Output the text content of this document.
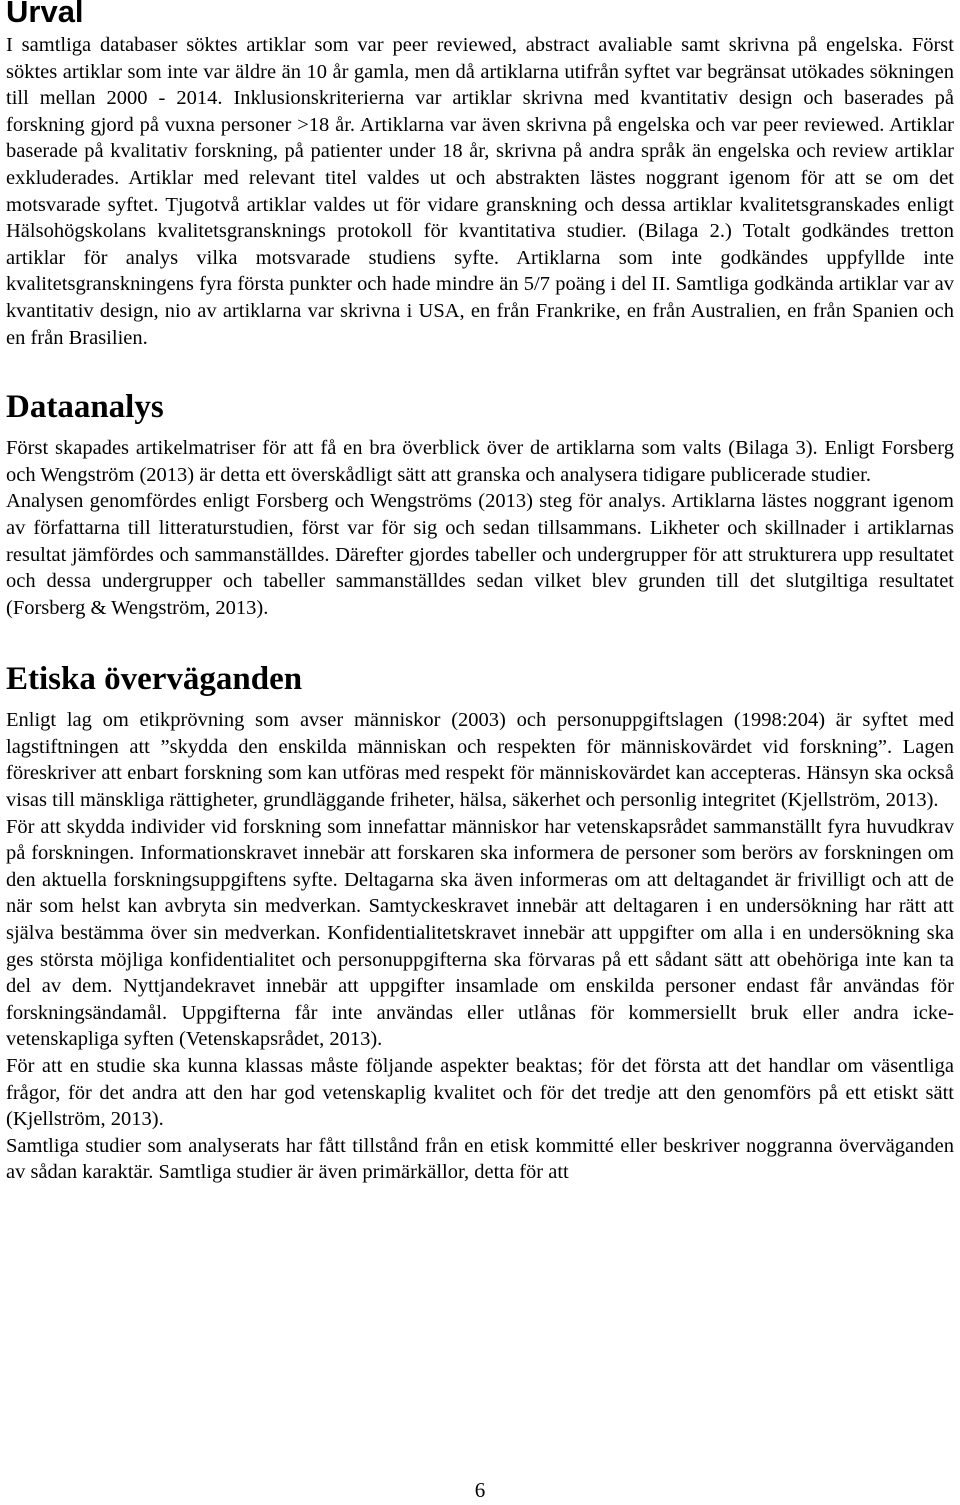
Urval

I samtliga databaser söktes artiklar som var peer reviewed, abstract avaliable samt skrivna på engelska. Först söktes artiklar som inte var äldre än 10 år gamla, men då artiklarna utifrån syftet var begränsat utökades sökningen till mellan 2000 - 2014. Inklusionskriterierna var artiklar skrivna med kvantitativ design och baserades på forskning gjord på vuxna personer >18 år. Artiklarna var även skrivna på engelska och var peer reviewed. Artiklar baserade på kvalitativ forskning, på patienter under 18 år, skrivna på andra språk än engelska och review artiklar exkluderades. Artiklar med relevant titel valdes ut och abstrakten lästes noggrant igenom för att se om det motsvarade syftet. Tjugotvå artiklar valdes ut för vidare granskning och dessa artiklar kvalitetsgranskades enligt Hälsohögskolans kvalitetsgransknings protokoll för kvantitativa studier. (Bilaga 2.) Totalt godkändes tretton artiklar för analys vilka motsvarade studiens syfte. Artiklarna som inte godkändes uppfyllde inte kvalitetsgranskningens fyra första punkter och hade mindre än 5/7 poäng i del II. Samtliga godkända artiklar var av kvantitativ design, nio av artiklarna var skrivna i USA, en från Frankrike, en från Australien, en från Spanien och en från Brasilien.

Dataanalys

Först skapades artikelmatriser för att få en bra överblick över de artiklarna som valts (Bilaga 3). Enligt Forsberg och Wengström (2013) är detta ett överskådligt sätt att granska och analysera tidigare publicerade studier.

Analysen genomfördes enligt Forsberg och Wengströms (2013) steg för analys. Artiklarna lästes noggrant igenom av författarna till litteraturstudien, först var för sig och sedan tillsammans. Likheter och skillnader i artiklarnas resultat jämfördes och sammanställdes. Därefter gjordes tabeller och undergrupper för att strukturera upp resultatet och dessa undergrupper och tabeller sammanställdes sedan vilket blev grunden till det slutgiltiga resultatet (Forsberg & Wengström, 2013).

Etiska överväganden

Enligt lag om etikprövning som avser människor (2003) och personuppgiftslagen (1998:204) är syftet med lagstiftningen att ”skydda den enskilda människan och respekten för människovärdet vid forskning”. Lagen föreskriver att enbart forskning som kan utföras med respekt för människovärdet kan accepteras. Hänsyn ska också visas till mänskliga rättigheter, grundläggande friheter, hälsa, säkerhet och personlig integritet (Kjellström, 2013).

För att skydda individer vid forskning som innefattar människor har vetenskapsrådet sammanställt fyra huvudkrav på forskningen. Informationskravet innebär att forskaren ska informera de personer som berörs av forskningen om den aktuella forskningsuppgiftens syfte. Deltagarna ska även informeras om att deltagandet är frivilligt och att de när som helst kan avbryta sin medverkan. Samtyckeskravet innebär att deltagaren i en undersökning har rätt att själva bestämma över sin medverkan. Konfidentialitetskravet innebär att uppgifter om alla i en undersökning ska ges största möjliga konfidentialitet och personuppgifterna ska förvaras på ett sådant sätt att obehöriga inte kan ta del av dem. Nyttjandekravet innebär att uppgifter insamlade om enskilda personer endast får användas för forskningsändamål. Uppgifterna får inte användas eller utlånas för kommersiellt bruk eller andra icke-vetenskapliga syften (Vetenskapsrådet, 2013).

För att en studie ska kunna klassas måste följande aspekter beaktas; för det första att det handlar om väsentliga frågor, för det andra att den har god vetenskaplig kvalitet och för det tredje att den genomförs på ett etiskt sätt (Kjellström, 2013).

Samtliga studier som analyserats har fått tillstånd från en etisk kommitté eller beskriver noggranna överväganden av sådan karaktär. Samtliga studier är även primärkällor, detta för att

6
